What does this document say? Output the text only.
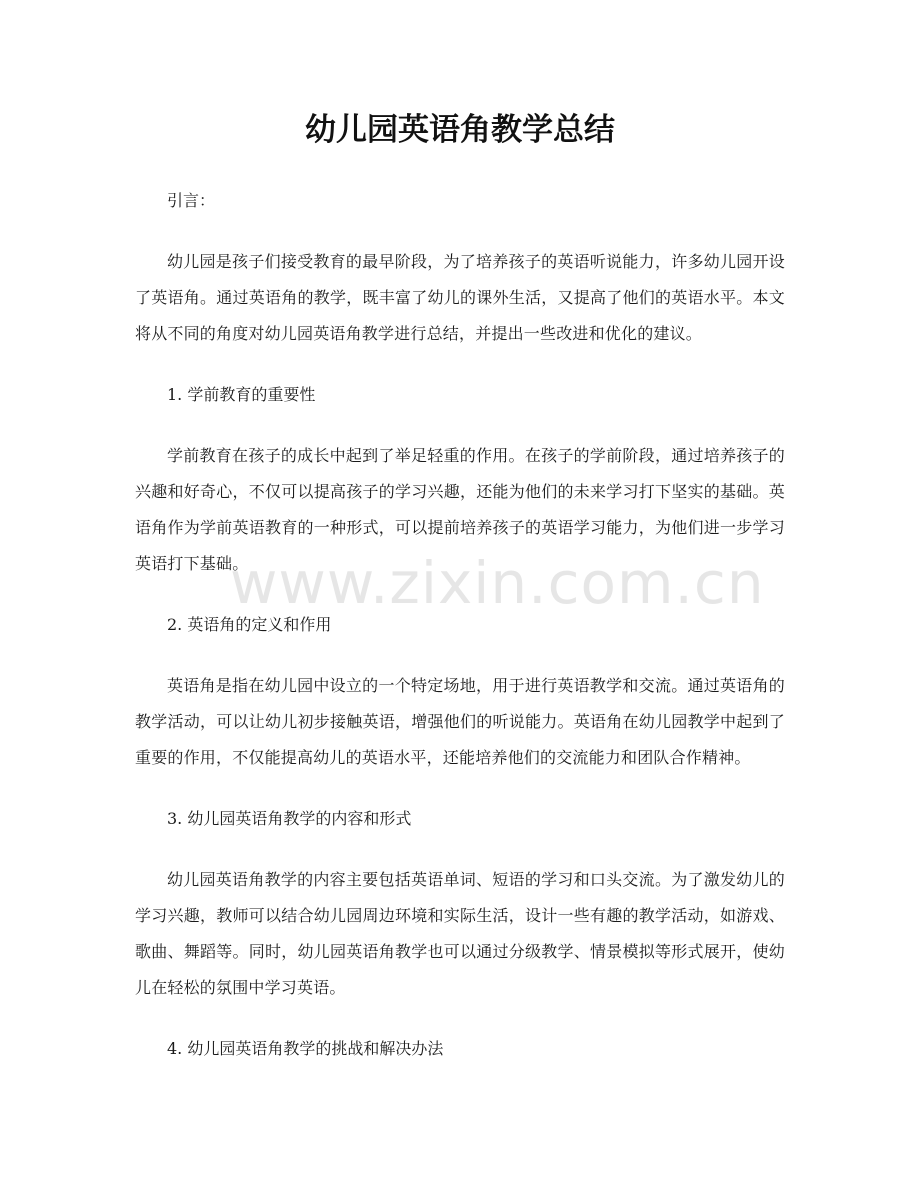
幼儿园英语角教学总结

引言：

幼儿园是孩子们接受教育的最早阶段，为了培养孩子的英语听说能力，许多幼儿园开设了英语角。通过英语角的教学，既丰富了幼儿的课外生活，又提高了他们的英语水平。本文将从不同的角度对幼儿园英语角教学进行总结，并提出一些改进和优化的建议。

1. 学前教育的重要性

学前教育在孩子的成长中起到了举足轻重的作用。在孩子的学前阶段，通过培养孩子的兴趣和好奇心，不仅可以提高孩子的学习兴趣，还能为他们的未来学习打下坚实的基础。英语角作为学前英语教育的一种形式，可以提前培养孩子的英语学习能力，为他们进一步学习英语打下基础。

2. 英语角的定义和作用

英语角是指在幼儿园中设立的一个特定场地，用于进行英语教学和交流。通过英语角的教学活动，可以让幼儿初步接触英语，增强他们的听说能力。英语角在幼儿园教学中起到了重要的作用，不仅能提高幼儿的英语水平，还能培养他们的交流能力和团队合作精神。

3. 幼儿园英语角教学的内容和形式

幼儿园英语角教学的内容主要包括英语单词、短语的学习和口头交流。为了激发幼儿的学习兴趣，教师可以结合幼儿园周边环境和实际生活，设计一些有趣的教学活动，如游戏、歌曲、舞蹈等。同时，幼儿园英语角教学也可以通过分级教学、情景模拟等形式展开，使幼儿在轻松的氛围中学习英语。

4. 幼儿园英语角教学的挑战和解决办法

www.zixin.com.cn
